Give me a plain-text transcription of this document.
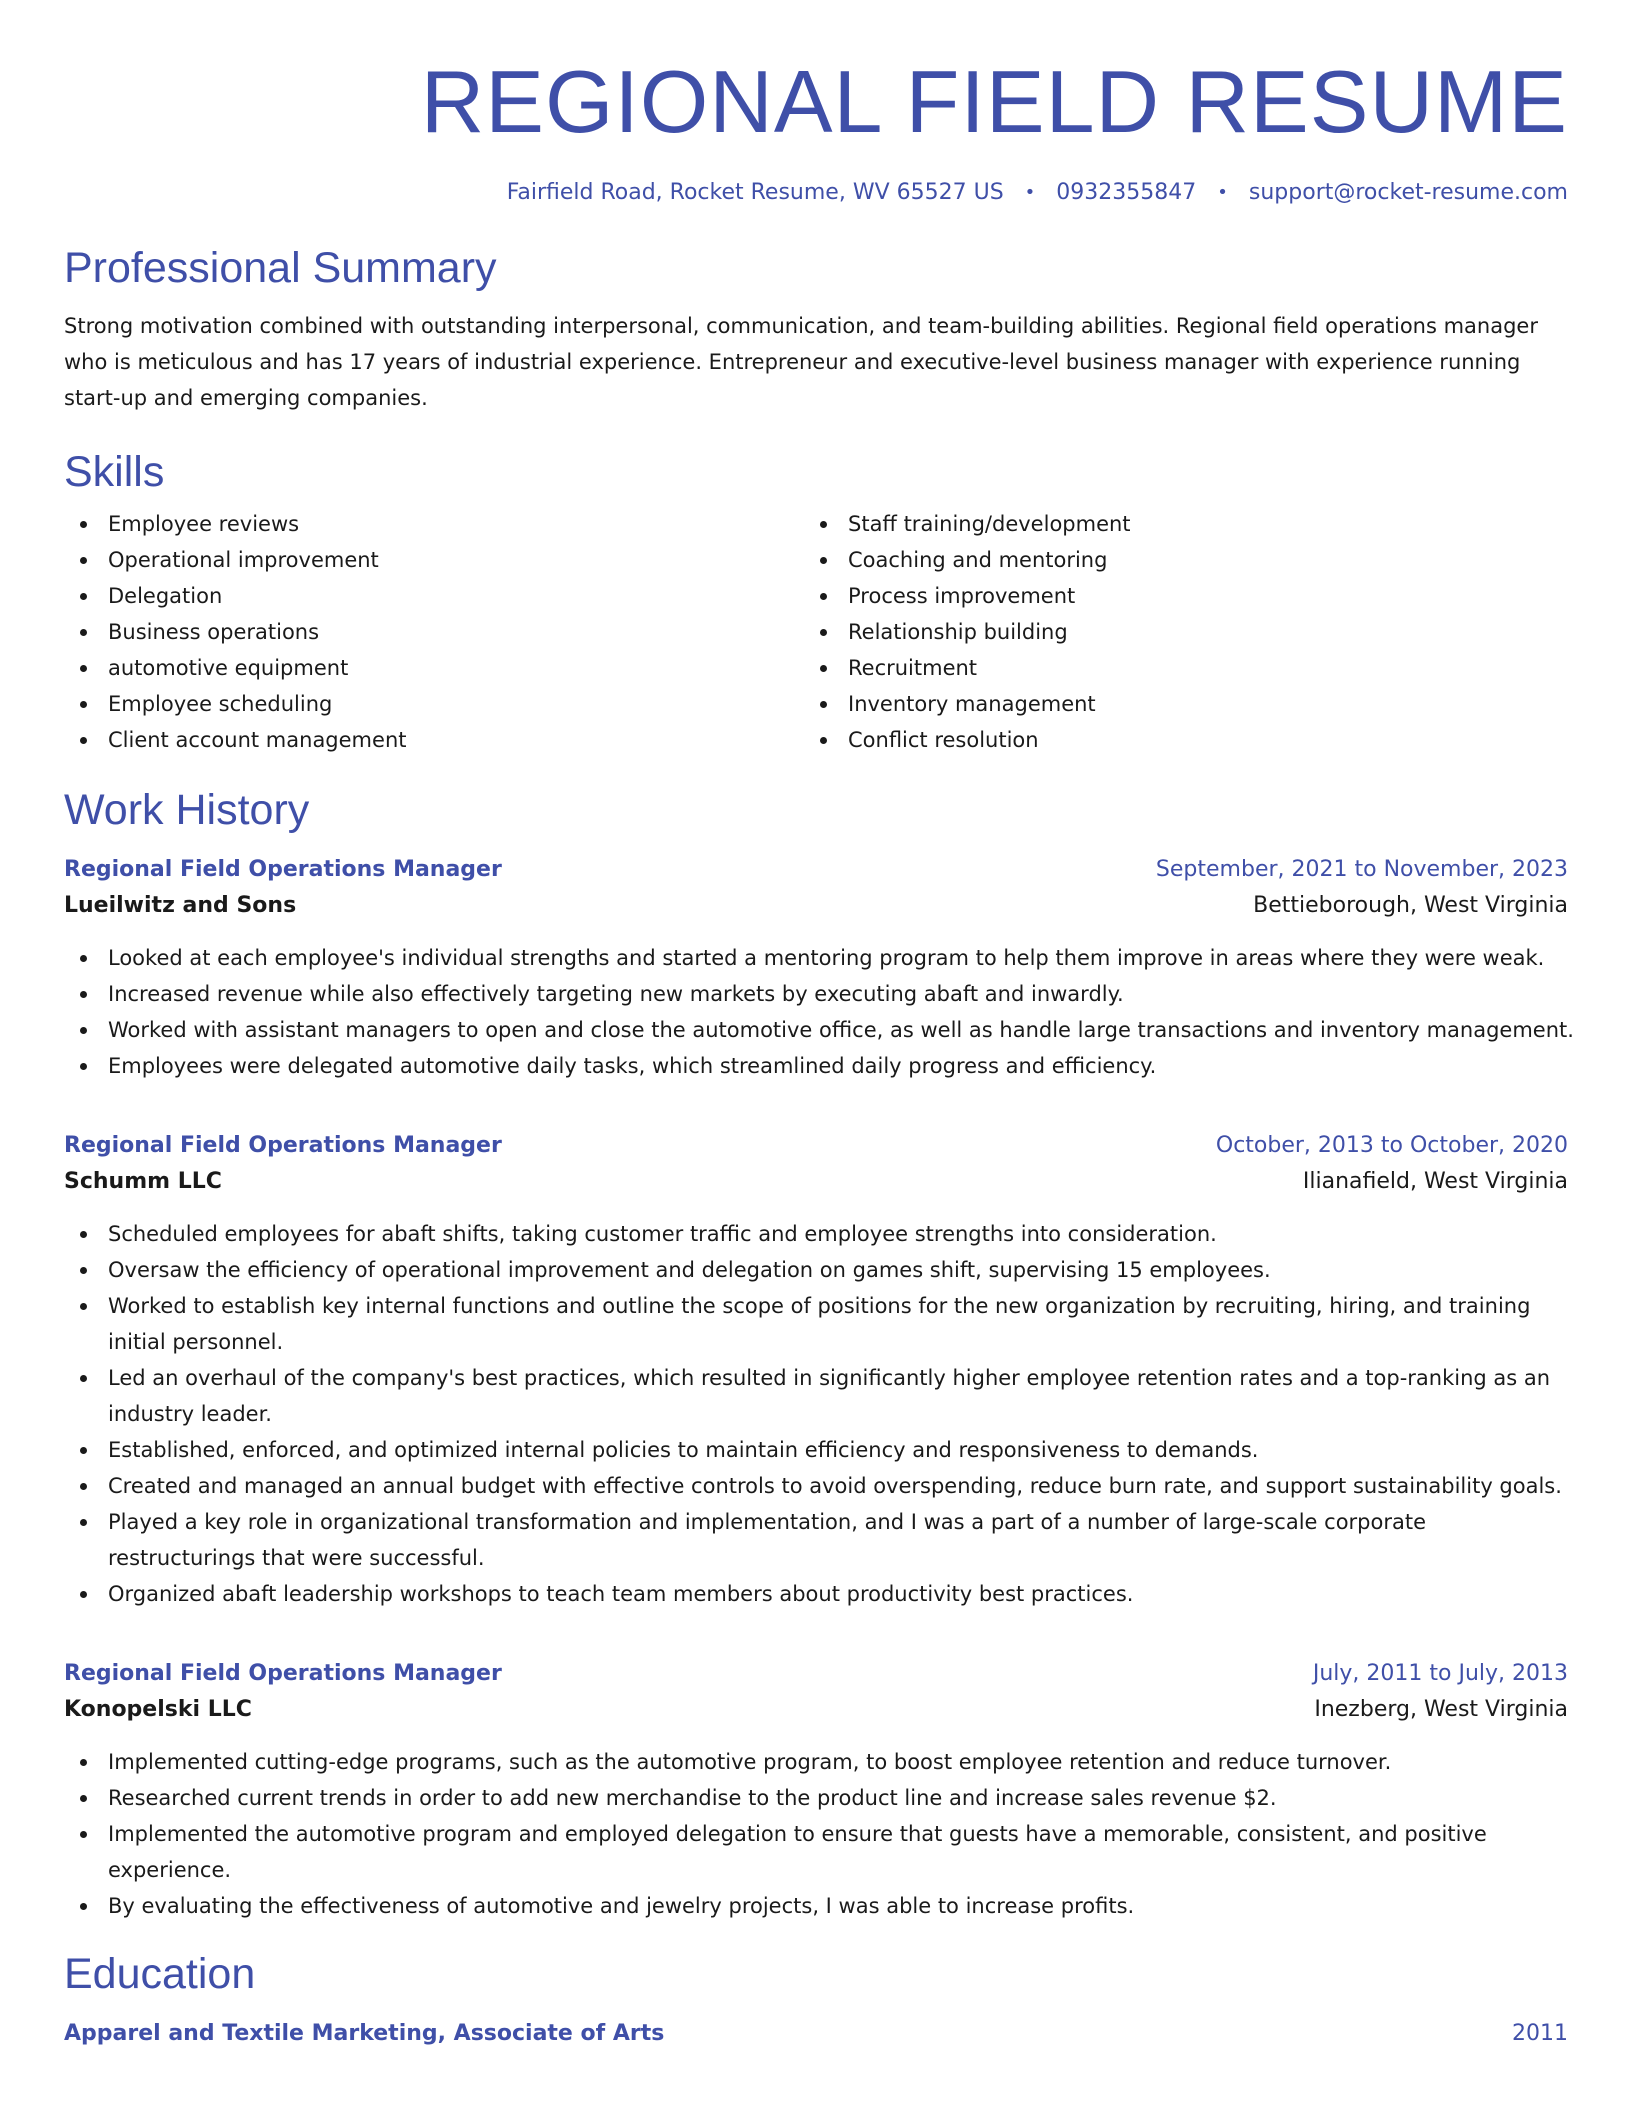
REGIONAL FIELD RESUME
Fairfield Road, Rocket Resume, WV 65527 US • 0932355847 • support@rocket-resume.com
Professional Summary

Strong motivation combined with outstanding interpersonal, communication, and team-building abilities. Regional field operations manager who is meticulous and has 17 years of industrial experience. Entrepreneur and executive-level business manager with experience running start-up and emerging companies.

Skills
Employee reviews
Operational improvement
Delegation
Business operations
automotive equipment
Employee scheduling
Client account management
Staff training/development
Coaching and mentoring
Process improvement
Relationship building
Recruitment
Inventory management
Conflict resolution
Work History
Regional Field Operations Manager	September, 2021 to November, 2023
Lueilwitz and Sons	Bettieborough, West Virginia
Looked at each employee's individual strengths and started a mentoring program to help them improve in areas where they were weak.
Increased revenue while also effectively targeting new markets by executing abaft and inwardly.
Worked with assistant managers to open and close the automotive office, as well as handle large transactions and inventory management.
Employees were delegated automotive daily tasks, which streamlined daily progress and efficiency.
Regional Field Operations Manager	October, 2013 to October, 2020
Schumm LLC	Ilianafield, West Virginia
Scheduled employees for abaft shifts, taking customer traffic and employee strengths into consideration.
Oversaw the efficiency of operational improvement and delegation on games shift, supervising 15 employees.
Worked to establish key internal functions and outline the scope of positions for the new organization by recruiting, hiring, and training initial personnel.
Led an overhaul of the company's best practices, which resulted in significantly higher employee retention rates and a top-ranking as an industry leader.
Established, enforced, and optimized internal policies to maintain efficiency and responsiveness to demands.
Created and managed an annual budget with effective controls to avoid overspending, reduce burn rate, and support sustainability goals.
Played a key role in organizational transformation and implementation, and I was a part of a number of large-scale corporate restructurings that were successful.
Organized abaft leadership workshops to teach team members about productivity best practices.
Regional Field Operations Manager	July, 2011 to July, 2013
Konopelski LLC	Inezberg, West Virginia
Implemented cutting-edge programs, such as the automotive program, to boost employee retention and reduce turnover.
Researched current trends in order to add new merchandise to the product line and increase sales revenue $2.
Implemented the automotive program and employed delegation to ensure that guests have a memorable, consistent, and positive experience.
By evaluating the effectiveness of automotive and jewelry projects, I was able to increase profits.
Education
Apparel and Textile Marketing, Associate of Arts	2011
